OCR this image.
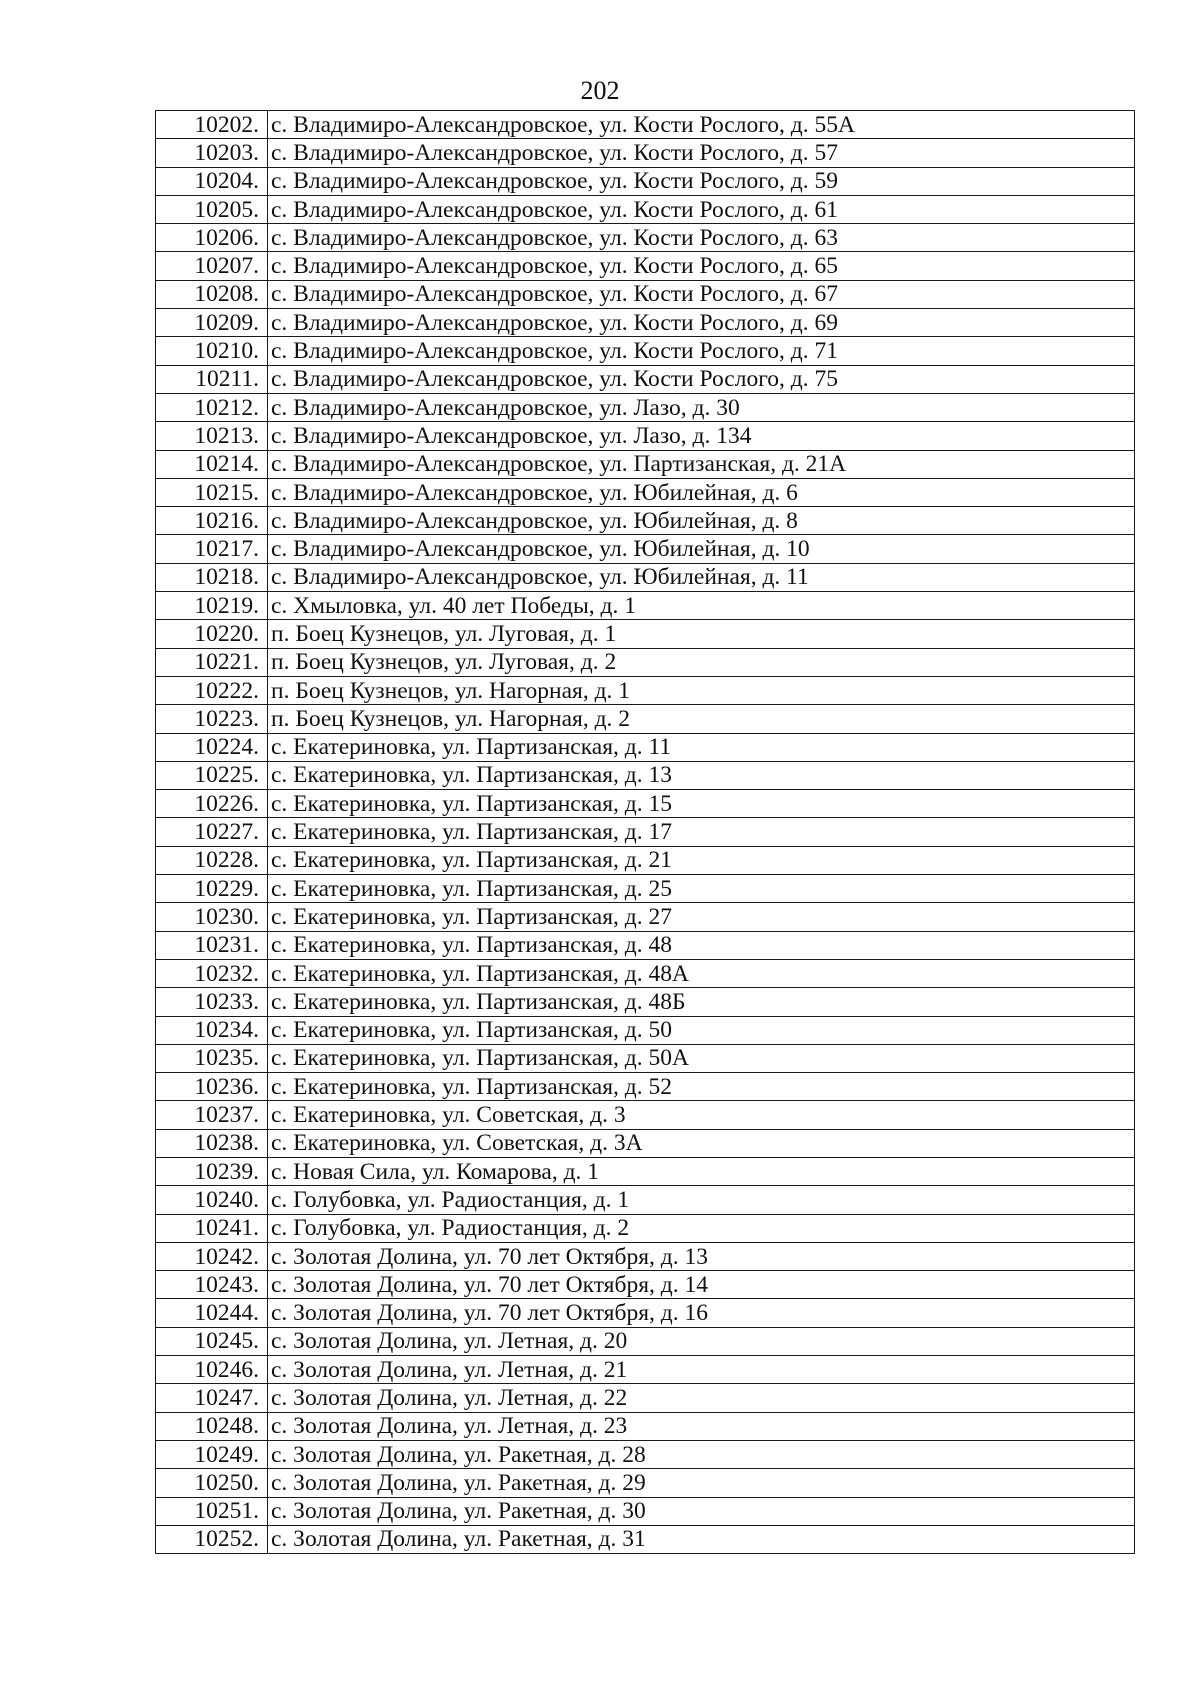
202
10202.	с. Владимиро-Александровское, ул. Кости Рослого, д. 55А
10203.	с. Владимиро-Александровское, ул. Кости Рослого, д. 57
10204.	с. Владимиро-Александровское, ул. Кости Рослого, д. 59
10205.	с. Владимиро-Александровское, ул. Кости Рослого, д. 61
10206.	с. Владимиро-Александровское, ул. Кости Рослого, д. 63
10207.	с. Владимиро-Александровское, ул. Кости Рослого, д. 65
10208.	с. Владимиро-Александровское, ул. Кости Рослого, д. 67
10209.	с. Владимиро-Александровское, ул. Кости Рослого, д. 69
10210.	с. Владимиро-Александровское, ул. Кости Рослого, д. 71
10211.	с. Владимиро-Александровское, ул. Кости Рослого, д. 75
10212.	с. Владимиро-Александровское, ул. Лазо, д. 30
10213.	с. Владимиро-Александровское, ул. Лазо, д. 134
10214.	с. Владимиро-Александровское, ул. Партизанская, д. 21А
10215.	с. Владимиро-Александровское, ул. Юбилейная, д. 6
10216.	с. Владимиро-Александровское, ул. Юбилейная, д. 8
10217.	с. Владимиро-Александровское, ул. Юбилейная, д. 10
10218.	с. Владимиро-Александровское, ул. Юбилейная, д. 11
10219.	с. Хмыловка, ул. 40 лет Победы, д. 1
10220.	п. Боец Кузнецов, ул. Луговая, д. 1
10221.	п. Боец Кузнецов, ул. Луговая, д. 2
10222.	п. Боец Кузнецов, ул. Нагорная, д. 1
10223.	п. Боец Кузнецов, ул. Нагорная, д. 2
10224.	с. Екатериновка, ул. Партизанская, д. 11
10225.	с. Екатериновка, ул. Партизанская, д. 13
10226.	с. Екатериновка, ул. Партизанская, д. 15
10227.	с. Екатериновка, ул. Партизанская, д. 17
10228.	с. Екатериновка, ул. Партизанская, д. 21
10229.	с. Екатериновка, ул. Партизанская, д. 25
10230.	с. Екатериновка, ул. Партизанская, д. 27
10231.	с. Екатериновка, ул. Партизанская, д. 48
10232.	с. Екатериновка, ул. Партизанская, д. 48А
10233.	с. Екатериновка, ул. Партизанская, д. 48Б
10234.	с. Екатериновка, ул. Партизанская, д. 50
10235.	с. Екатериновка, ул. Партизанская, д. 50А
10236.	с. Екатериновка, ул. Партизанская, д. 52
10237.	с. Екатериновка, ул. Советская, д. 3
10238.	с. Екатериновка, ул. Советская, д. 3А
10239.	с. Новая Сила, ул. Комарова, д. 1
10240.	с. Голубовка, ул. Радиостанция, д. 1
10241.	с. Голубовка, ул. Радиостанция, д. 2
10242.	с. Золотая Долина, ул. 70 лет Октября, д. 13
10243.	с. Золотая Долина, ул. 70 лет Октября, д. 14
10244.	с. Золотая Долина, ул. 70 лет Октября, д. 16
10245.	с. Золотая Долина, ул. Летная, д. 20
10246.	с. Золотая Долина, ул. Летная, д. 21
10247.	с. Золотая Долина, ул. Летная, д. 22
10248.	с. Золотая Долина, ул. Летная, д. 23
10249.	с. Золотая Долина, ул. Ракетная, д. 28
10250.	с. Золотая Долина, ул. Ракетная, д. 29
10251.	с. Золотая Долина, ул. Ракетная, д. 30
10252.	с. Золотая Долина, ул. Ракетная, д. 31
